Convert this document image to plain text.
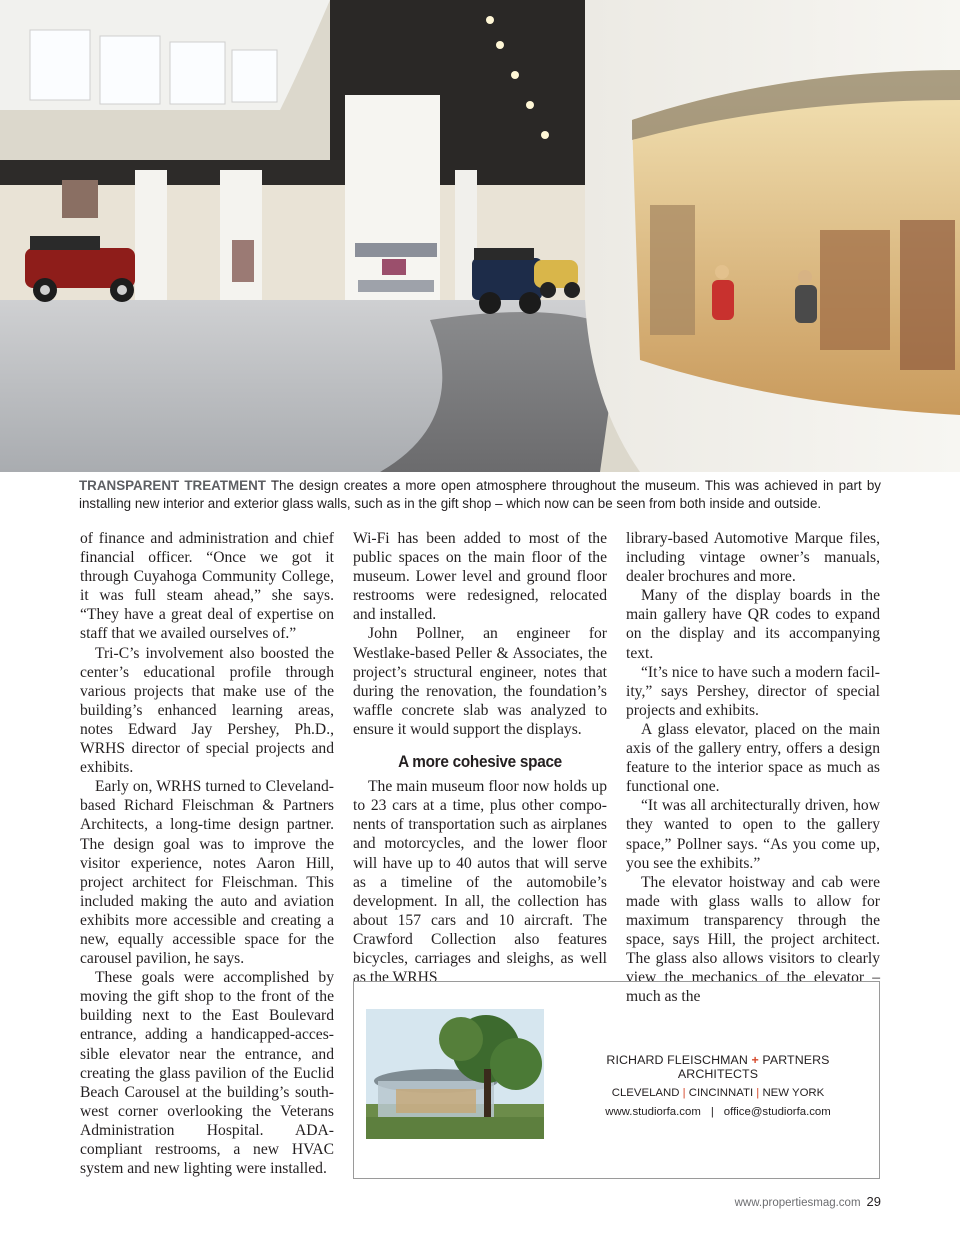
TRANSPARENT TREATMENT The design creates a more open atmosphere throughout the museum. This was achieved in part by installing new interior and exterior glass walls, such as in the gift shop – which now can be seen from both inside and outside.

of finance and administration and chief financial officer. “Once we got it through Cuyahoga Community College, it was full steam ahead,” she says. “They have a great deal of expertise on staff that we availed ourselves of.”

Tri-C’s involvement also boosted the center’s educational profile through various projects that make use of the building’s enhanced learning areas, notes Edward Jay Pershey, Ph.D., WRHS director of special projects and exhibits.

Early on, WRHS turned to Cleveland-based Richard Fleischman & Partners Architects, a long-time design partner. The design goal was to improve the visitor experience, notes Aaron Hill, project architect for Fleischman. This included making the auto and aviation exhibits more accessible and creating a new, equally accessible space for the carousel pavilion, he says.

These goals were accomplished by moving the gift shop to the front of the building next to the East Boulevard entrance, adding a handicapped-accessible elevator near the entrance, and creating the glass pavilion of the Euclid Beach Carousel at the building’s southwest corner overlooking the Veterans Administration Hospital. ADA-compliant restrooms, a new HVAC system and new lighting were installed.

Wi-Fi has been added to most of the public spaces on the main floor of the museum. Lower level and ground floor restrooms were redesigned, relocated and installed.

John Pollner, an engineer for Westlake-based Peller & Associates, the project’s structural engineer, notes that during the renovation, the foundation’s waffle concrete slab was analyzed to ensure it would support the displays.

A more cohesive space

The main museum floor now holds up to 23 cars at a time, plus other components of transportation such as airplanes and motorcycles, and the lower floor will have up to 40 autos that will serve as a timeline of the automobile’s development. In all, the collection has about 157 cars and 10 aircraft. The Crawford Collection also features bicycles, carriages and sleighs, as well as the WRHS

library-based Automotive Marque files, including vintage owner’s manuals, dealer brochures and more.

Many of the display boards in the main gallery have QR codes to expand on the display and its accompanying text.

“It’s nice to have such a modern facility,” says Pershey, director of special projects and exhibits.

A glass elevator, placed on the main axis of the gallery entry, offers a design feature to the interior space as much as functional one.

“It was all architecturally driven, how they wanted to open to the gallery space,” Pollner says. “As you come up, you see the exhibits.”

The elevator hoistway and cab were made with glass walls to allow for maximum transparency through the space, says Hill, the project architect. The glass also allows visitors to clearly view the mechanics of the elevator – much as the

RICHARD FLEISCHMAN + PARTNERS ARCHITECTS
CLEVELAND | CINCINNATI | NEW YORK
www.studiorfa.com | office@studiorfa.com
www.propertiesmag.com 29
